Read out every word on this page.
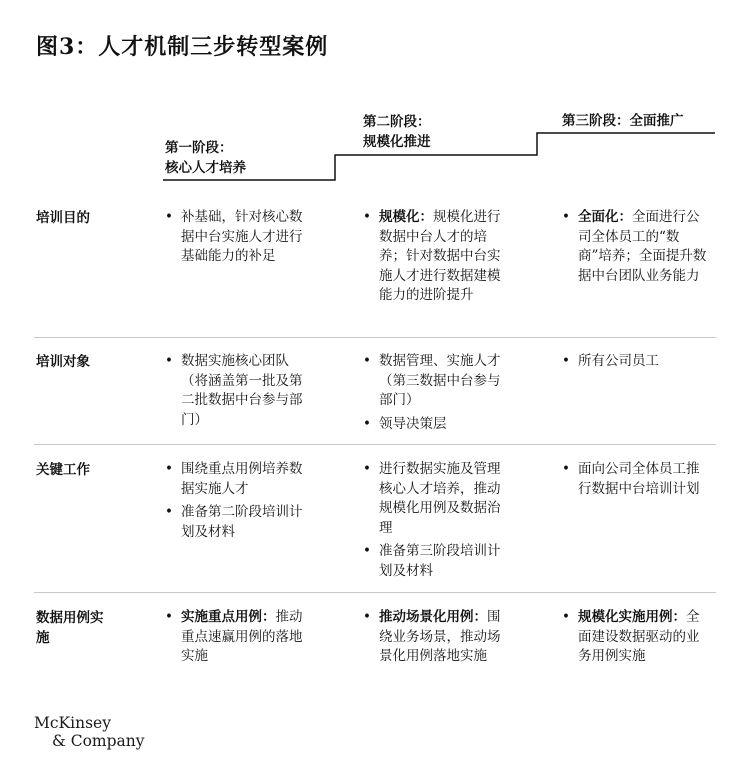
图3：人才机制三步转型案例
第一阶段：
核心人才培养
第二阶段：
规模化推进
第三阶段：全面推广
培训目的
培训对象
关键工作
数据用例实施
• 补基础，针对核心数据中台实施人才进行基础能力的补足
• 规模化：规模化进行数据中台人才的培养；针对数据中台实施人才进行数据建模能力的进阶提升
• 全面化：全面进行公司全体员工的“数商”培养；全面提升数据中台团队业务能力
• 数据实施核心团队（将涵盖第一批及第二批数据中台参与部门）
• 数据管理、实施人才（第三数据中台参与部门）
• 领导决策层
• 所有公司员工
• 围绕重点用例培养数据实施人才
• 准备第二阶段培训计划及材料
• 进行数据实施及管理核心人才培养，推动规模化用例及数据治理
• 准备第三阶段培训计划及材料
• 面向公司全体员工推行数据中台培训计划
• 实施重点用例：推动重点速赢用例的落地实施
• 推动场景化用例：围绕业务场景，推动场景化用例落地实施
• 规模化实施用例：全面建设数据驱动的业务用例实施
McKinsey
& Company
